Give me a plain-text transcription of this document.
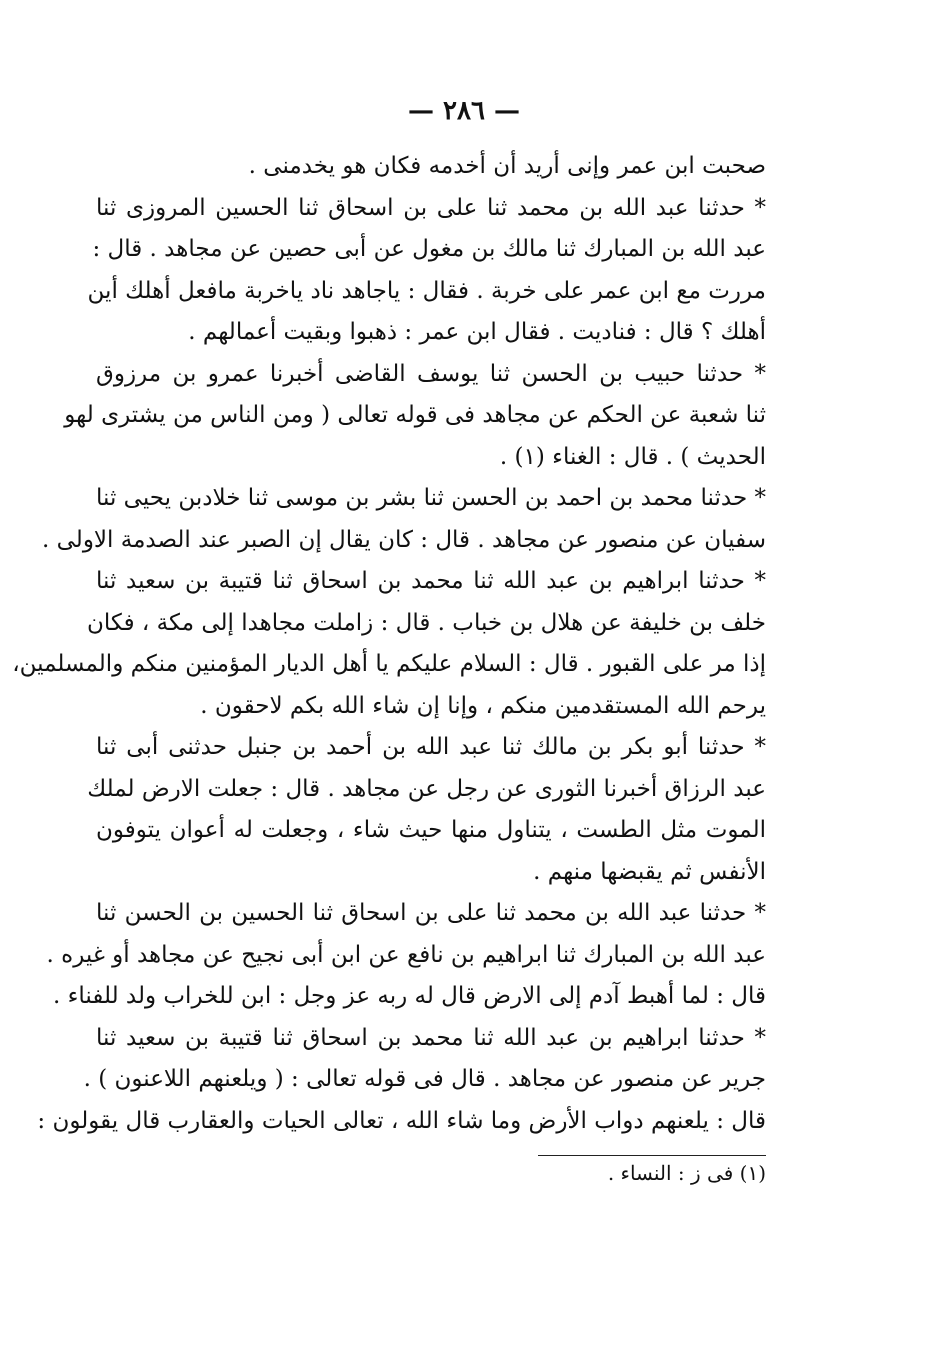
— ٢٨٦ —
صحبت ابن عمر وإنى أريد أن أخدمه فكان هو يخدمنى .
* حدثنا عبد الله بن محمد ثنا على بن اسحاق ثنا الحسين المروزى ثنا
عبد الله بن المبارك ثنا مالك بن مغول عن أبى حصين عن مجاهد . قال :
مررت مع ابن عمر على خربة . فقال : ياجاهد ناد ياخربة مافعل أهلك أين
أهلك ؟ قال : فناديت . فقال ابن عمر : ذهبوا وبقيت أعمالهم .
* حدثنا حبيب بن الحسن ثنا يوسف القاضى أخبرنا عمرو بن مرزوق
ثنا شعبة عن الحكم عن مجاهد فى قوله تعالى ( ومن الناس من يشترى لهو
الحديث ) . قال : الغناء (١) .
* حدثنا محمد بن احمد بن الحسن ثنا بشر بن موسى ثنا خلادبن يحيى ثنا
سفيان عن منصور عن مجاهد . قال : كان يقال إن الصبر عند الصدمة الاولى .
* حدثنا ابراهيم بن عبد الله ثنا محمد بن اسحاق ثنا قتيبة بن سعيد ثنا
خلف بن خليفة عن هلال بن خباب . قال : زاملت مجاهدا إلى مكة ، فكان
إذا مر على القبور . قال : السلام عليكم يا أهل الديار المؤمنين منكم والمسلمين،
يرحم الله المستقدمين منكم ، وإنا إن شاء الله بكم لاحقون .
* حدثنا أبو بكر بن مالك ثنا عبد الله بن أحمد بن جنبل حدثنى أبى ثنا
عبد الرزاق أخبرنا الثورى عن رجل عن مجاهد . قال : جعلت الارض لملك
الموت مثل الطست ، يتناول منها حيث شاء ، وجعلت له أعوان يتوفون
الأنفس ثم يقبضها منهم .
* حدثنا عبد الله بن محمد ثنا على بن اسحاق ثنا الحسين بن الحسن ثنا
عبد الله بن المبارك ثنا ابراهيم بن نافع عن ابن أبى نجيح عن مجاهد أو غيره .
قال : لما أهبط آدم إلى الارض قال له ربه عز وجل : ابن للخراب ولد للفناء .
* حدثنا ابراهيم بن عبد الله ثنا محمد بن اسحاق ثنا قتيبة بن سعيد ثنا
جرير عن منصور عن مجاهد . قال فى قوله تعالى : ( ويلعنهم اللاعنون ) .
قال : يلعنهم دواب الأرض وما شاء الله ، تعالى الحيات والعقارب قال يقولون :
(١) فى ز : النساء .
